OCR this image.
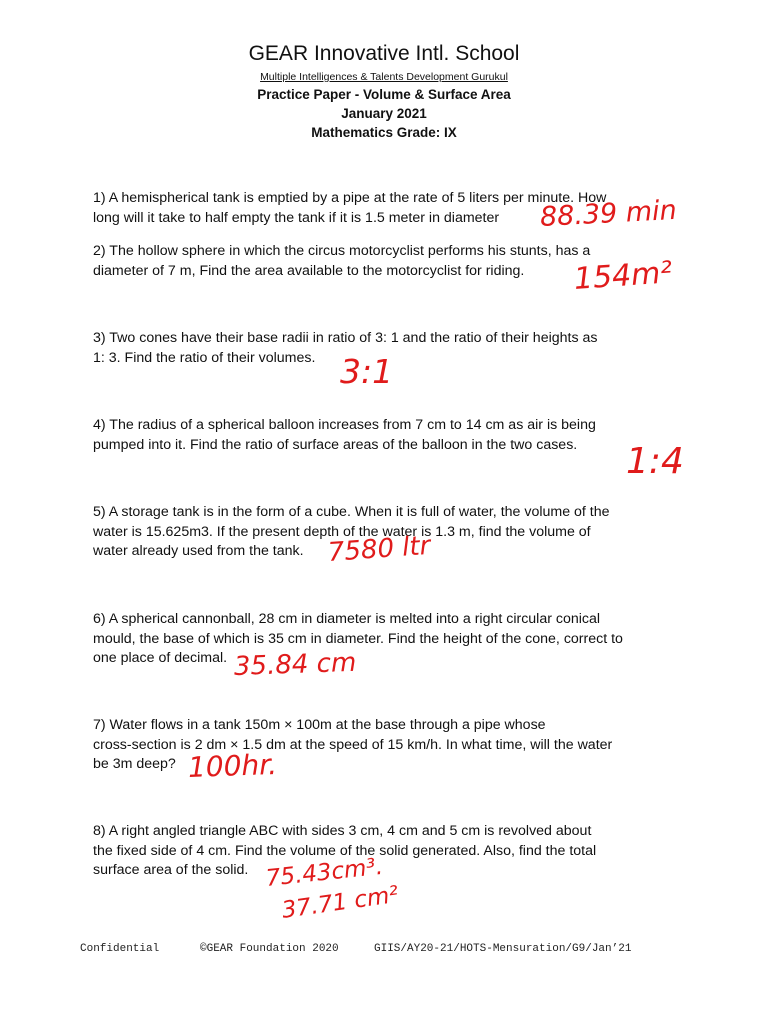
GEAR Innovative Intl. School
Multiple Intelligences & Talents Development Gurukul
Practice Paper - Volume & Surface Area
January 2021
Mathematics Grade: IX
1) A hemispherical tank is emptied by a pipe at the rate of 5 liters per minute. How
long will it take to half empty the tank if it is 1.5 meter in diameter	88.39 min
2) The hollow sphere in which the circus motorcyclist performs his stunts, has a
diameter of 7 m, Find the area available to the motorcyclist for riding.	154m²
3) Two cones have their base radii in ratio of 3: 1 and the ratio of their heights as
1: 3. Find the ratio of their volumes. 3:1
4) The radius of a spherical balloon increases from 7 cm to 14 cm as air is being
pumped into it. Find the ratio of surface areas of the balloon in the two cases.	1:4
5) A storage tank is in the form of a cube. When it is full of water, the volume of the
water is 15.625m3. If the present depth of the water is 1.3 m, find the volume of
water already used from the tank. 7580 ltr
6) A spherical cannonball, 28 cm in diameter is melted into a right circular conical
mould, the base of which is 35 cm in diameter. Find the height of the cone, correct to
one place of decimal. 35.84 cm
7) Water flows in a tank 150m × 100m at the base through a pipe whose
cross-section is 2 dm × 1.5 dm at the speed of 15 km/h. In what time, will the water
be 3m deep? 100hr.
8) A right angled triangle ABC with sides 3 cm, 4 cm and 5 cm is revolved about
the fixed side of 4 cm. Find the volume of the solid generated. Also, find the total
surface area of the solid. 75.43cm³.
37.71 cm²
Confidential	©GEAR Foundation 2020	GIIS/AY20-21/HOTS-Mensuration/G9/Jan’21
